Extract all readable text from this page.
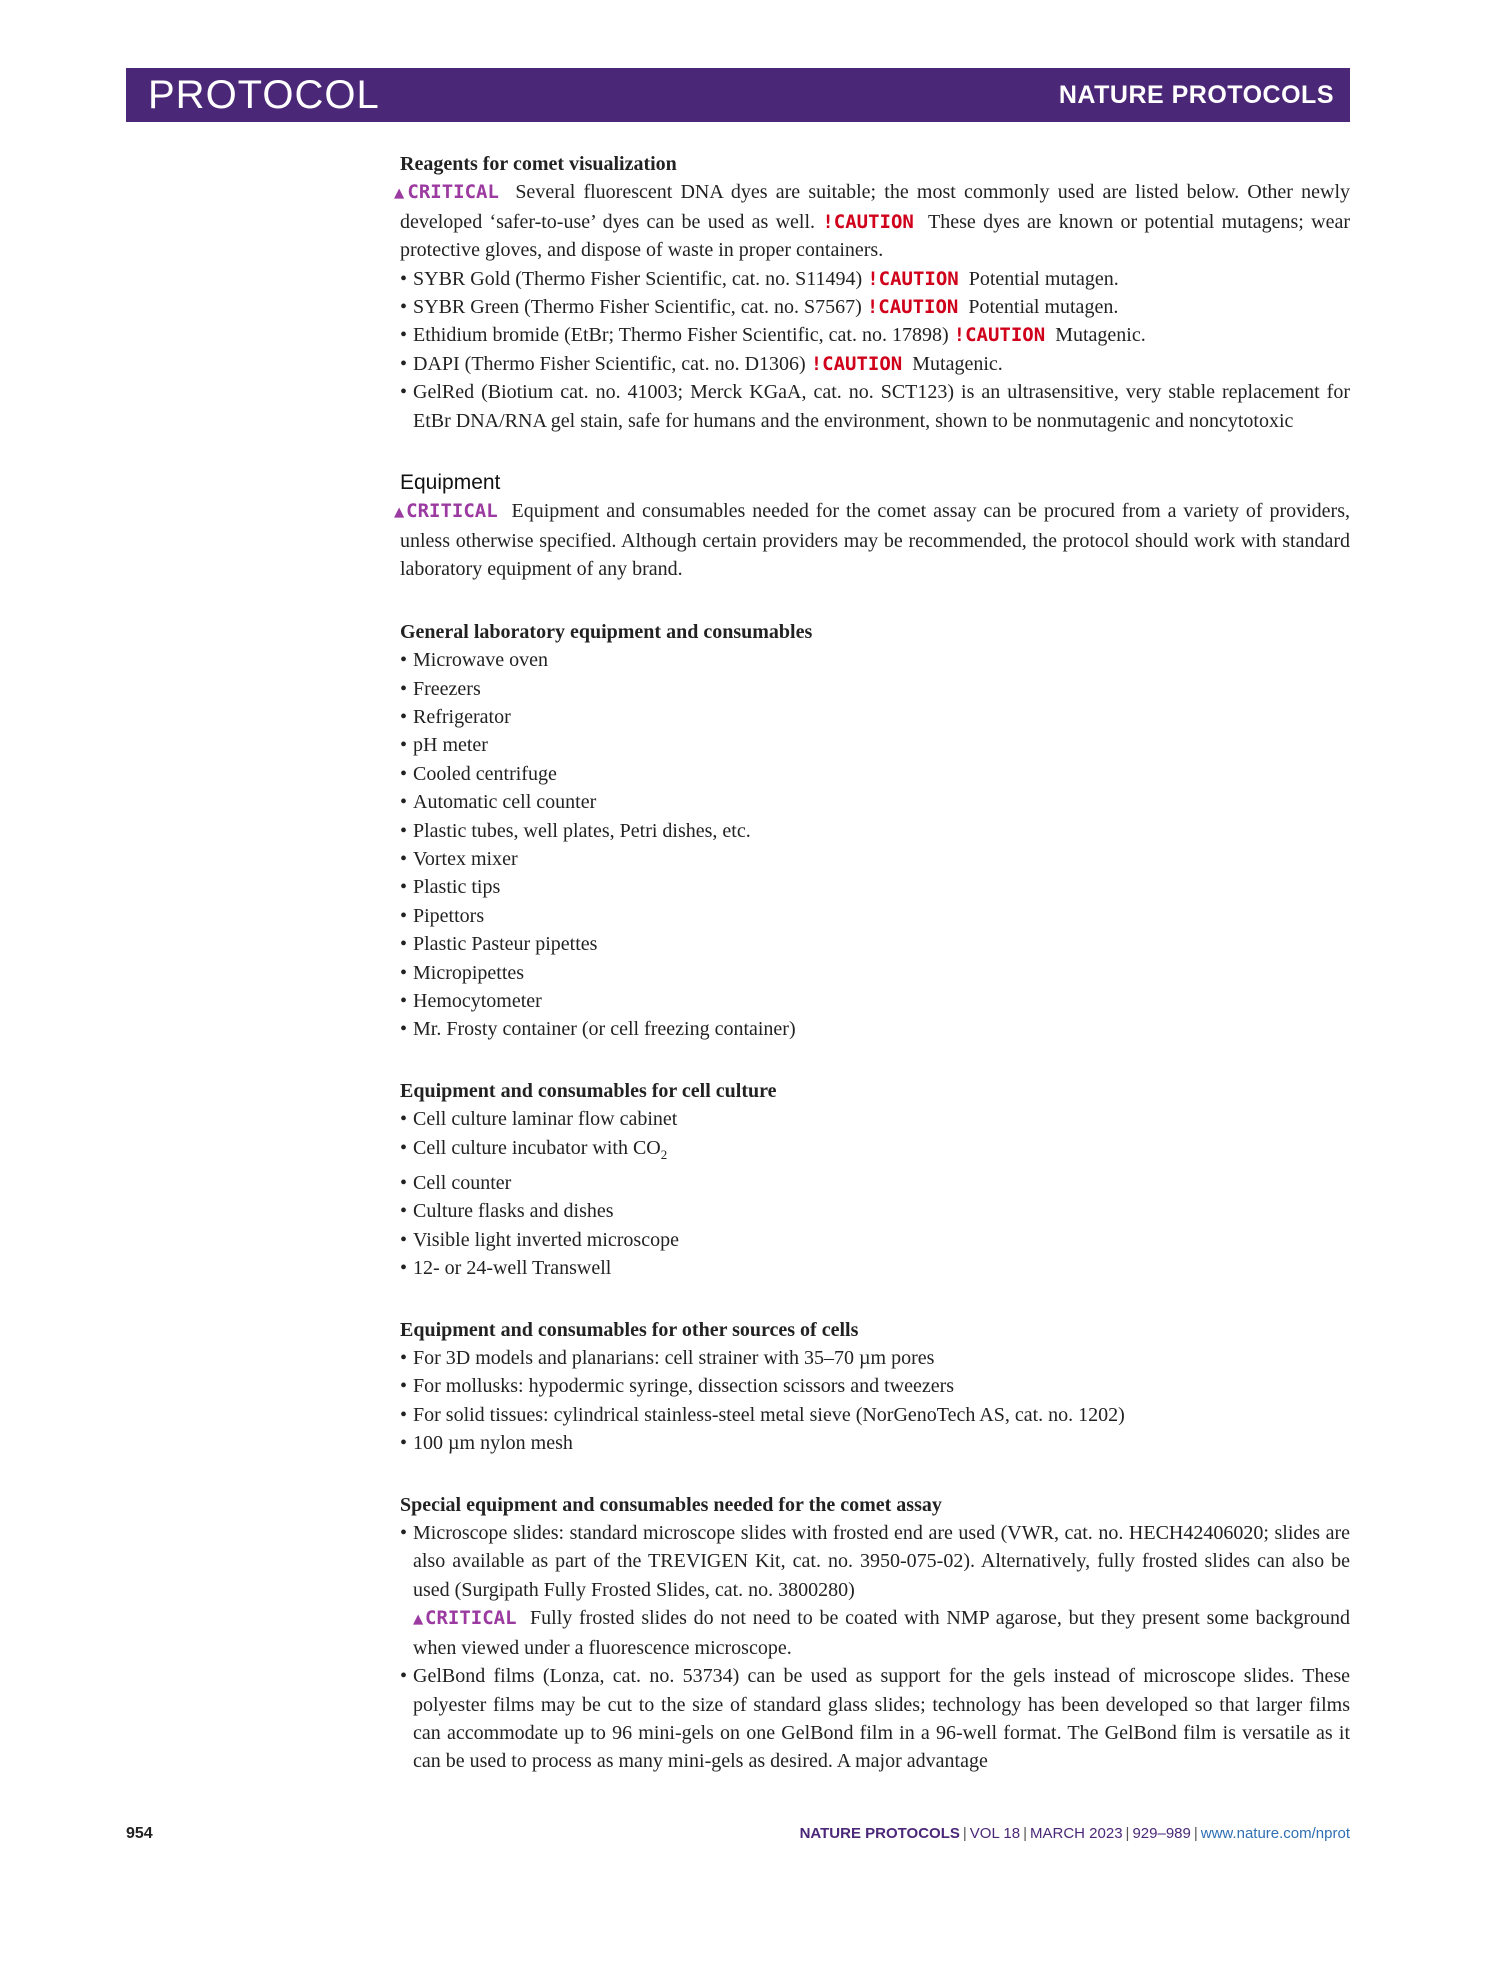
PROTOCOL	NATURE PROTOCOLS
Reagents for comet visualization
▲CRITICAL Several fluorescent DNA dyes are suitable; the most commonly used are listed below. Other newly developed ‘safer-to-use’ dyes can be used as well. !CAUTION These dyes are known or potential mutagens; wear protective gloves, and dispose of waste in proper containers.
• SYBR Gold (Thermo Fisher Scientific, cat. no. S11494) !CAUTION Potential mutagen.
• SYBR Green (Thermo Fisher Scientific, cat. no. S7567) !CAUTION Potential mutagen.
• Ethidium bromide (EtBr; Thermo Fisher Scientific, cat. no. 17898) !CAUTION Mutagenic.
• DAPI (Thermo Fisher Scientific, cat. no. D1306) !CAUTION Mutagenic.
• GelRed (Biotium cat. no. 41003; Merck KGaA, cat. no. SCT123) is an ultrasensitive, very stable replacement for EtBr DNA/RNA gel stain, safe for humans and the environment, shown to be nonmutagenic and noncytotoxic
Equipment
▲CRITICAL Equipment and consumables needed for the comet assay can be procured from a variety of providers, unless otherwise specified. Although certain providers may be recommended, the protocol should work with standard laboratory equipment of any brand.
General laboratory equipment and consumables
• Microwave oven
• Freezers
• Refrigerator
• pH meter
• Cooled centrifuge
• Automatic cell counter
• Plastic tubes, well plates, Petri dishes, etc.
• Vortex mixer
• Plastic tips
• Pipettors
• Plastic Pasteur pipettes
• Micropipettes
• Hemocytometer
• Mr. Frosty container (or cell freezing container)
Equipment and consumables for cell culture
• Cell culture laminar flow cabinet
• Cell culture incubator with $CO_2$
• Cell counter
• Culture flasks and dishes
• Visible light inverted microscope
• 12- or 24-well Transwell
Equipment and consumables for other sources of cells
• For 3D models and planarians: cell strainer with 35–70 µm pores
• For mollusks: hypodermic syringe, dissection scissors and tweezers
• For solid tissues: cylindrical stainless-steel metal sieve (NorGenoTech AS, cat. no. 1202)
• 100 µm nylon mesh
Special equipment and consumables needed for the comet assay
• Microscope slides: standard microscope slides with frosted end are used (VWR, cat. no. HECH42406020; slides are also available as part of the TREVIGEN Kit, cat. no. 3950-075-02). Alternatively, fully frosted slides can also be used (Surgipath Fully Frosted Slides, cat. no. 3800280)
▲CRITICAL Fully frosted slides do not need to be coated with NMP agarose, but they present some background when viewed under a fluorescence microscope.
• GelBond films (Lonza, cat. no. 53734) can be used as support for the gels instead of microscope slides. These polyester films may be cut to the size of standard glass slides; technology has been developed so that larger films can accommodate up to 96 mini-gels on one GelBond film in a 96-well format. The GelBond film is versatile as it can be used to process as many mini-gels as desired. A major advantage
954	NATURE PROTOCOLS | VOL 18 | MARCH 2023 | 929–989 | www.nature.com/nprot
